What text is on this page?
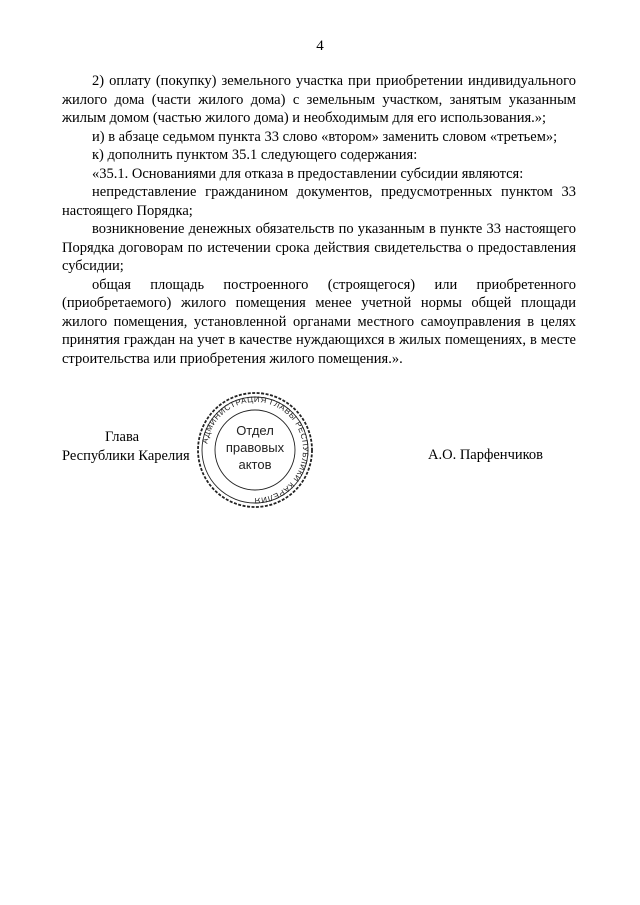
4

2) оплату (покупку) земельного участка при приобретении индивидуального жилого дома (части жилого дома) с земельным участком, занятым указанным жилым домом (частью жилого дома) и необходимым для его использования.»;

и) в абзаце седьмом пункта 33 слово «втором» заменить словом «третьем»;

к) дополнить пунктом 35.1 следующего содержания:

«35.1. Основаниями для отказа в предоставлении субсидии являются:

непредставление гражданином документов, предусмотренных пунктом 33 настоящего Порядка;

возникновение денежных обязательств по указанным в пункте 33 настоящего Порядка договорам по истечении срока действия свидетельства о предоставления субсидии;

общая площадь построенного (строящегося) или приобретенного (приобретаемого) жилого помещения менее учетной нормы общей площади жилого помещения, установленной органами местного самоуправления в целях принятия граждан на учет в качестве нуждающихся в жилых помещениях, в месте строительства или приобретения жилого помещения.».

Глава
Республики Карелия
АДМИНИСТРАЦИЯ ГЛАВЫ РЕСПУБЛИКИ КАРЕЛИЯ
Отдел
правовых
актов
А.О. Парфенчиков
